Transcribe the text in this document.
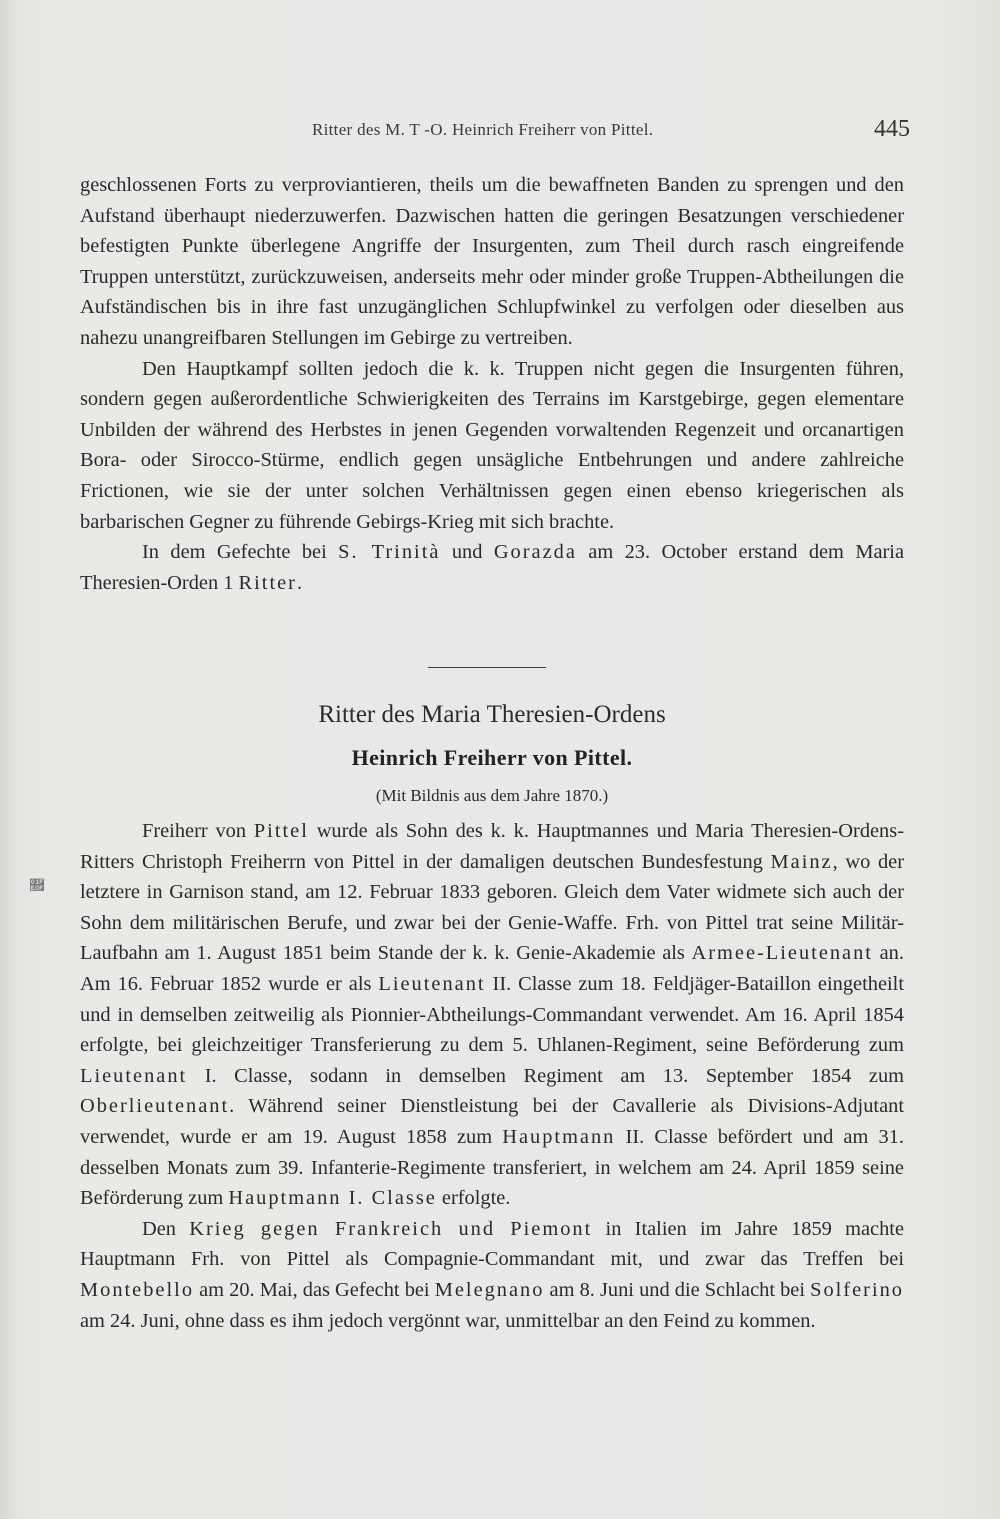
Ritter des M. T -O. Heinrich Freiherr von Pittel.	445

geschlossenen Forts zu verproviantieren, theils um die bewaffneten Banden zu sprengen und den Aufstand überhaupt niederzuwerfen. Dazwischen hatten die geringen Besatzungen verschiedener befestigten Punkte überlegene Angriffe der Insurgenten, zum Theil durch rasch eingreifende Truppen unterstützt, zurückzuweisen, anderseits mehr oder minder große Truppen-Abtheilungen die Aufständischen bis in ihre fast unzugänglichen Schlupfwinkel zu verfolgen oder dieselben aus nahezu unangreifbaren Stellungen im Gebirge zu vertreiben.

Den Hauptkampf sollten jedoch die k. k. Truppen nicht gegen die Insurgenten führen, sondern gegen außerordentliche Schwierigkeiten des Terrains im Karstgebirge, gegen elementare Unbilden der während des Herbstes in jenen Gegenden vorwaltenden Regenzeit und orcanartigen Bora- oder Sirocco-Stürme, endlich gegen unsägliche Entbehrungen und andere zahlreiche Frictionen, wie sie der unter solchen Verhältnissen gegen einen ebenso kriegerischen als barbarischen Gegner zu führende Gebirgs-Krieg mit sich brachte.

In dem Gefechte bei S. Trinità und Gorazda am 23. October erstand dem Maria Theresien-Orden 1 Ritter.

Ritter des Maria Theresien-Ordens
Heinrich Freiherr von Pittel.
(Mit Bildnis aus dem Jahre 1870.)
🸏

Freiherr von Pittel wurde als Sohn des k. k. Hauptmannes und Maria Theresien-Ordens-Ritters Christoph Freiherrn von Pittel in der damaligen deutschen Bundesfestung Mainz, wo der letztere in Garnison stand, am 12. Februar 1833 geboren. Gleich dem Vater widmete sich auch der Sohn dem militärischen Berufe, und zwar bei der Genie-Waffe. Frh. von Pittel trat seine Militär-Laufbahn am 1. August 1851 beim Stande der k. k. Genie-Akademie als Armee-Lieutenant an. Am 16. Februar 1852 wurde er als Lieutenant II. Classe zum 18. Feldjäger-Bataillon eingetheilt und in demselben zeitweilig als Pionnier-Abtheilungs-Commandant verwendet. Am 16. April 1854 erfolgte, bei gleichzeitiger Transferierung zu dem 5. Uhlanen-Regiment, seine Beförderung zum Lieutenant I. Classe, sodann in demselben Regiment am 13. September 1854 zum Oberlieutenant. Während seiner Dienstleistung bei der Cavallerie als Divisions-Adjutant verwendet, wurde er am 19. August 1858 zum Hauptmann II. Classe befördert und am 31. desselben Monats zum 39. Infanterie-Regimente transferiert, in welchem am 24. April 1859 seine Beförderung zum Hauptmann I. Classe erfolgte.

Den Krieg gegen Frankreich und Piemont in Italien im Jahre 1859 machte Hauptmann Frh. von Pittel als Compagnie-Commandant mit, und zwar das Treffen bei Montebello am 20. Mai, das Gefecht bei Melegnano am 8. Juni und die Schlacht bei Solferino am 24. Juni, ohne dass es ihm jedoch vergönnt war, unmittelbar an den Feind zu kommen.
